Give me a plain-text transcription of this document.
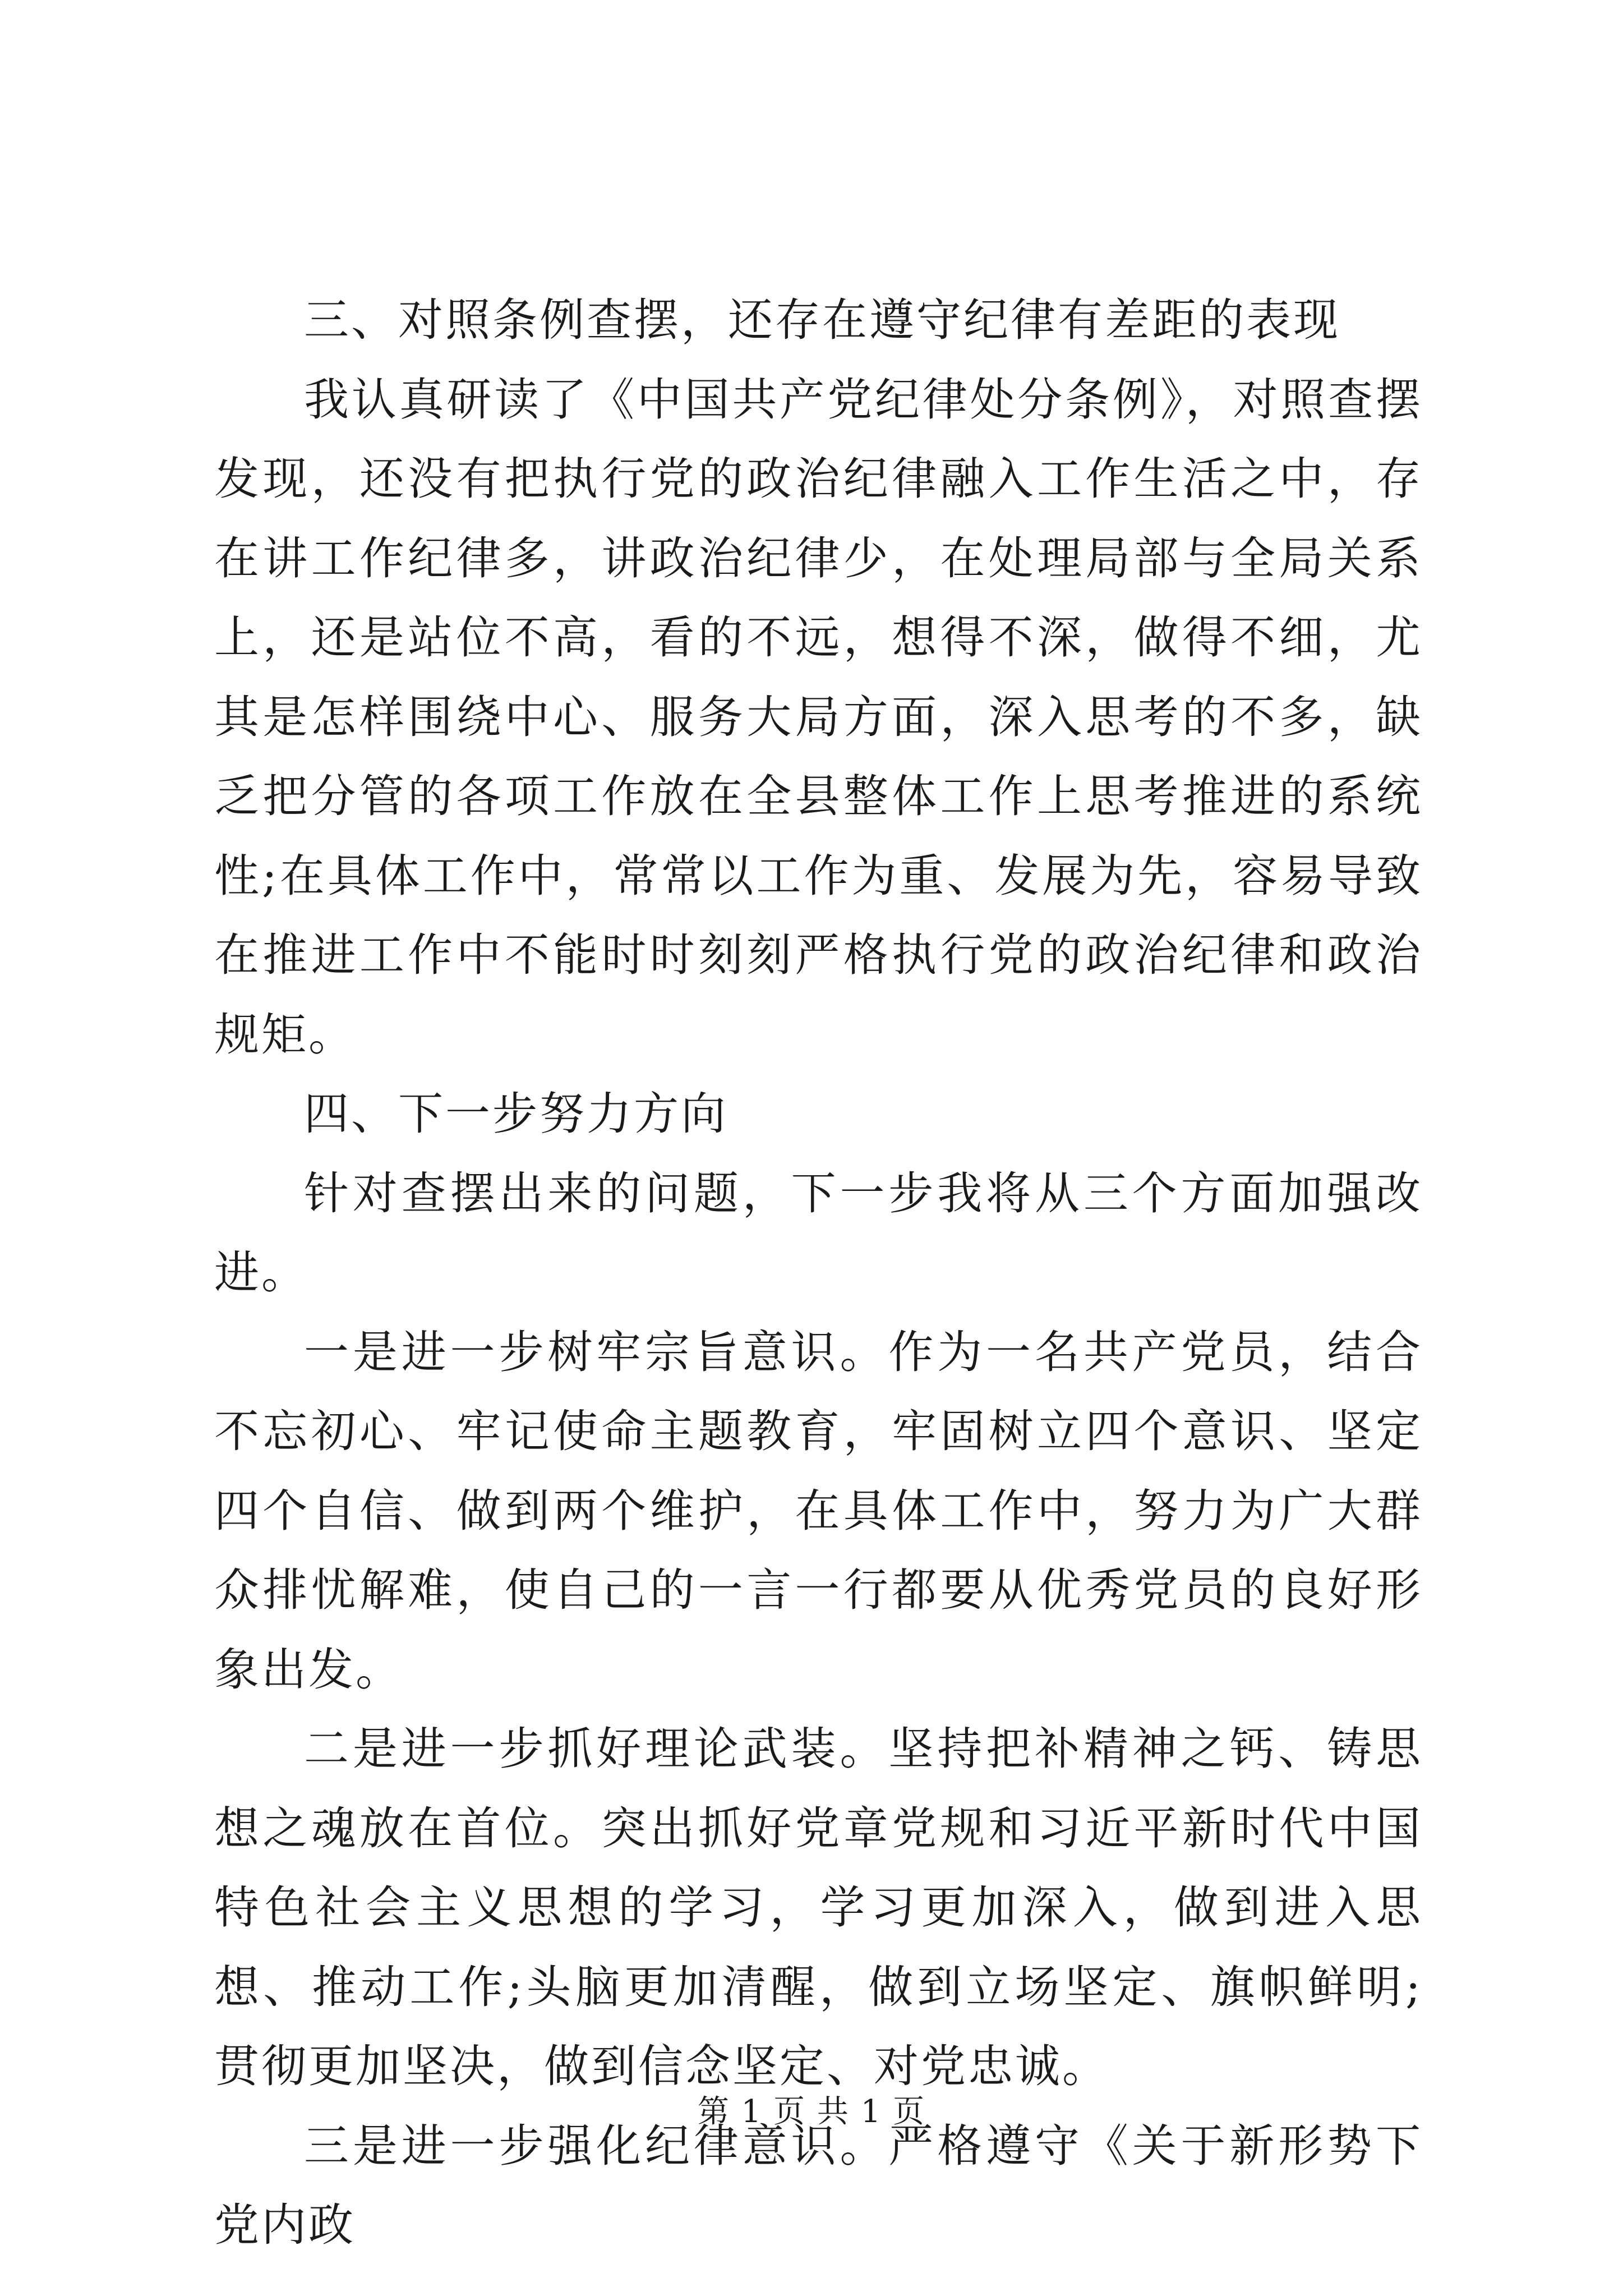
三、对照条例查摆，还存在遵守纪律有差距的表现

我认真研读了《中国共产党纪律处分条例》，对照查摆发现，还没有把执行党的政治纪律融入工作生活之中，存在讲工作纪律多，讲政治纪律少，在处理局部与全局关系上，还是站位不高，看的不远，想得不深，做得不细，尤其是怎样围绕中心、服务大局方面，深入思考的不多，缺乏把分管的各项工作放在全县整体工作上思考推进的系统性;在具体工作中，常常以工作为重、发展为先，容易导致在推进工作中不能时时刻刻严格执行党的政治纪律和政治规矩。

四、下一步努力方向

针对查摆出来的问题，下一步我将从三个方面加强改进。

一是进一步树牢宗旨意识。作为一名共产党员，结合不忘初心、牢记使命主题教育，牢固树立四个意识、坚定四个自信、做到两个维护，在具体工作中，努力为广大群众排忧解难，使自己的一言一行都要从优秀党员的良好形象出发。

二是进一步抓好理论武装。坚持把补精神之钙、铸思想之魂放在首位。突出抓好党章党规和习近平新时代中国特色社会主义思想的学习，学习更加深入，做到进入思想、推动工作;头脑更加清醒，做到立场坚定、旗帜鲜明;贯彻更加坚决，做到信念坚定、对党忠诚。

三是进一步强化纪律意识。严格遵守《关于新形势下党内政

第 1 页 共 1 页
